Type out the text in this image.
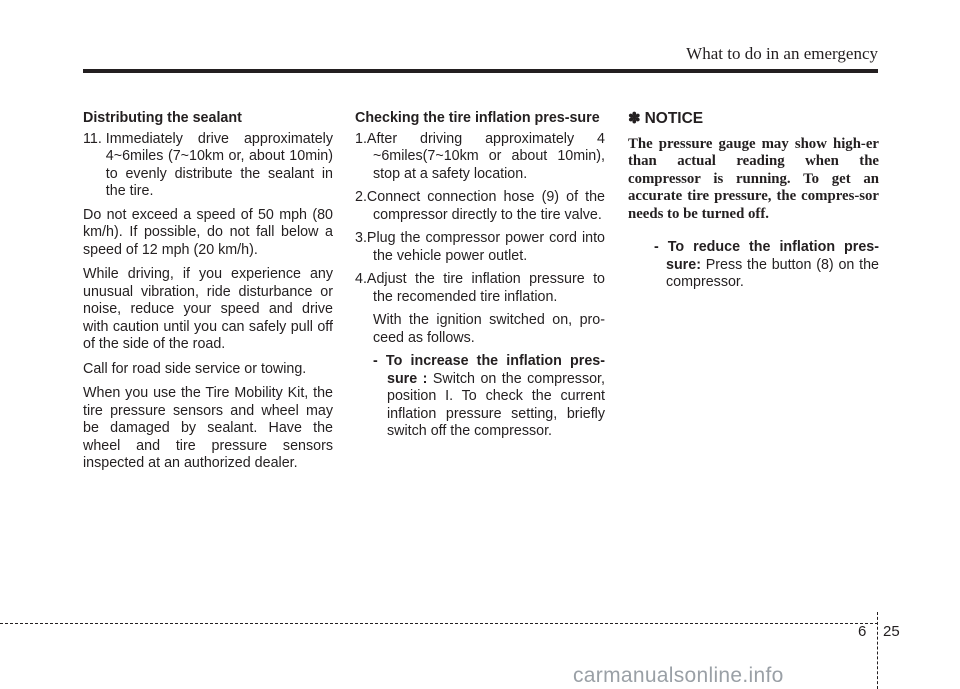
What to do in an emergency
Distributing the sealant
11. Immediately drive approximately 4~6miles (7~10km or, about 10min) to evenly distribute the sealant in the tire.

Do not exceed a speed of 50 mph (80 km/h). If possible, do not fall below a speed of 12 mph (20 km/h).

While driving, if you experience any unusual vibration, ride disturbance or noise, reduce your speed and drive with caution until you can safely pull off of the side of the road.

Call for road side service or towing.

When you use the Tire Mobility Kit, the tire pressure sensors and wheel may be damaged by sealant. Have the wheel and tire pressure sensors inspected at an authorized dealer.

Checking the tire inflation pres-sure

1.After driving approximately 4 ~6miles(7~10km or about 10min), stop at a safety location.

2.Connect connection hose (9) of the compressor directly to the tire valve.

3.Plug the compressor power cord into the vehicle power outlet.

4.Adjust the tire inflation pressure to the recomended tire inflation.

With the ignition switched on, pro-ceed as follows.

- To increase the inflation pres-sure : Switch on the compressor, position I. To check the current inflation pressure setting, briefly switch off the compressor.

✽ NOTICE

The pressure gauge may show high-er than actual reading when the compressor is running. To get an accurate tire pressure, the compres-sor needs to be turned off.

- To reduce the inflation pres-sure: Press the button (8) on the compressor.

6 25
carmanualsonline.info
